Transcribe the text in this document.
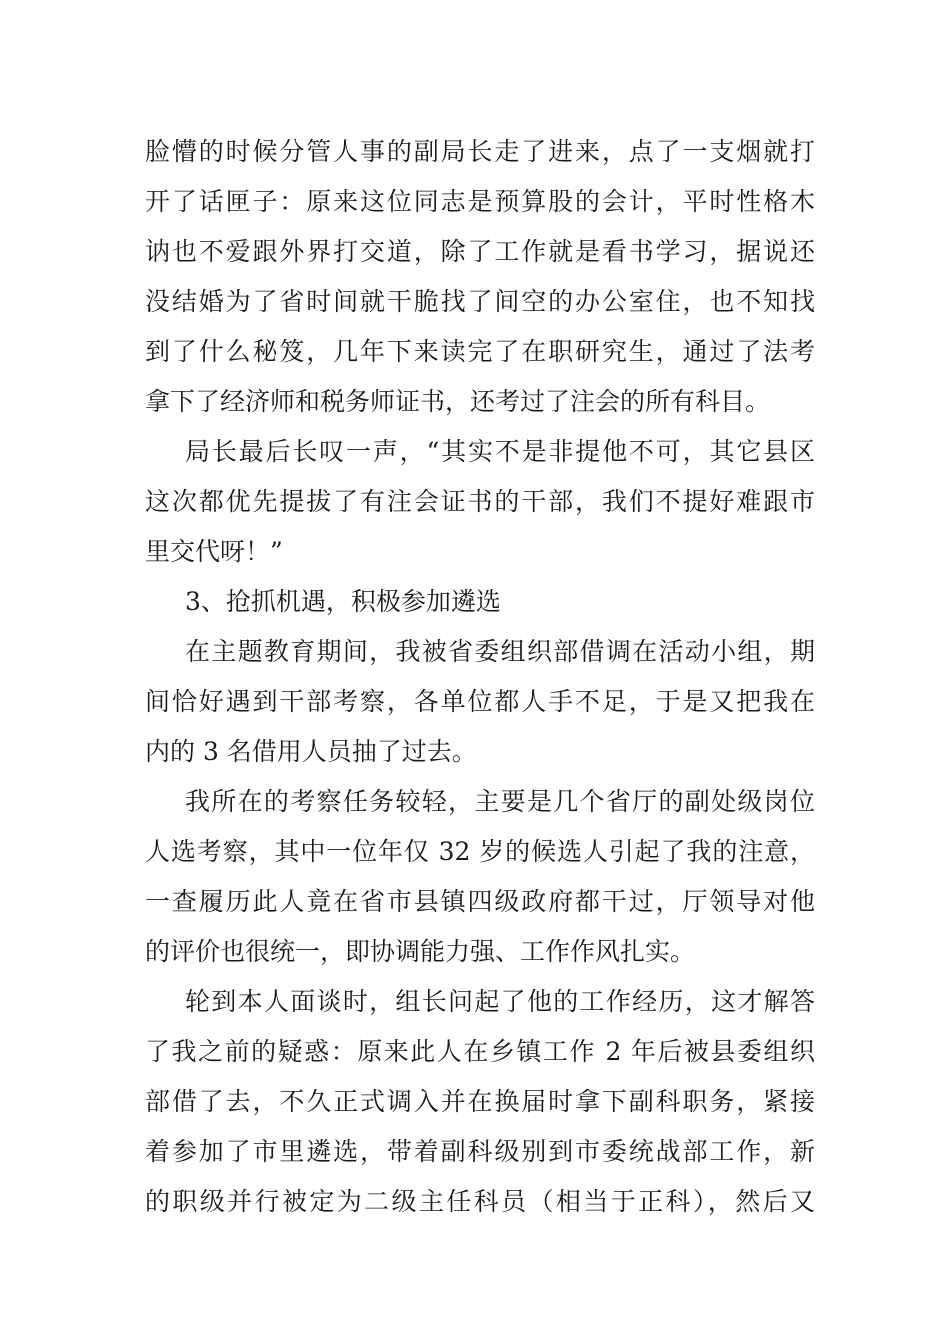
脸懵的时候分管人事的副局长走了进来，点了一支烟就打
开了话匣子：原来这位同志是预算股的会计，平时性格木
讷也不爱跟外界打交道，除了工作就是看书学习，据说还
没结婚为了省时间就干脆找了间空的办公室住，也不知找
到了什么秘笈，几年下来读完了在职研究生，通过了法考
拿下了经济师和税务师证书，还考过了注会的所有科目。
局长最后长叹一声，“其实不是非提他不可，其它县区
这次都优先提拔了有注会证书的干部，我们不提好难跟市
里交代呀！”
3、抢抓机遇，积极参加遴选
在主题教育期间，我被省委组织部借调在活动小组，期
间恰好遇到干部考察，各单位都人手不足，于是又把我在
内的 3 名借用人员抽了过去。
我所在的考察任务较轻，主要是几个省厅的副处级岗位
人选考察，其中一位年仅 32 岁的候选人引起了我的注意，
一查履历此人竟在省市县镇四级政府都干过，厅领导对他
的评价也很统一，即协调能力强、工作作风扎实。
轮到本人面谈时，组长问起了他的工作经历，这才解答
了我之前的疑惑：原来此人在乡镇工作 2 年后被县委组织
部借了去，不久正式调入并在换届时拿下副科职务，紧接
着参加了市里遴选，带着副科级别到市委统战部工作，新
的职级并行被定为二级主任科员（相当于正科），然后又
